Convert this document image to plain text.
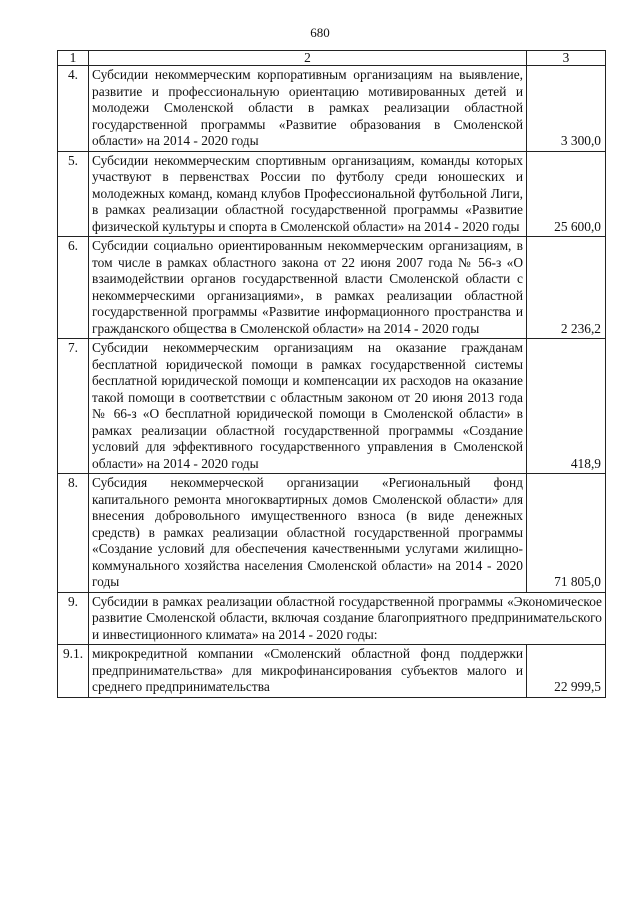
680
1	2	3
4.	Субсидии некоммерческим корпоративным организациям на выявление, развитие и профессиональную ориентацию мотивированных детей и молодежи Смоленской области в рамках реализации областной государственной программы «Развитие образования в Смоленской области» на 2014 - 2020 годы	3 300,0
5.	Субсидии некоммерческим спортивным организациям, команды которых участвуют в первенствах России по футболу среди юношеских и молодежных команд, команд клубов Профессиональной футбольной Лиги, в рамках реализации областной государственной программы «Развитие физической культуры и спорта в Смоленской области» на 2014 - 2020 годы	25 600,0
6.	Субсидии социально ориентированным некоммерческим организациям, в том числе в рамках областного закона от 22 июня 2007 года № 56-з «О взаимодействии органов государственной власти Смоленской области с некоммерческими организациями», в рамках реализации областной государственной программы «Развитие информационного пространства и гражданского общества в Смоленской области» на 2014 - 2020 годы	2 236,2
7.	Субсидии некоммерческим организациям на оказание гражданам бесплатной юридической помощи в рамках государственной системы бесплатной юридической помощи и компенсации их расходов на оказание такой помощи в соответствии с областным законом от 20 июня 2013 года № 66-з «О бесплатной юридической помощи в Смоленской области» в рамках реализации областной государственной программы «Создание условий для эффективного государственного управления в Смоленской области» на 2014 - 2020 годы	418,9
8.	Субсидия некоммерческой организации «Региональный фонд капитального ремонта многоквартирных домов Смоленской области» для внесения добровольного имущественного взноса (в виде денежных средств) в рамках реализации областной государственной программы «Создание условий для обеспечения качественными услугами жилищно-коммунального хозяйства населения Смоленской области» на 2014 - 2020 годы	71 805,0
9.	Субсидии в рамках реализации областной государственной программы «Экономическое развитие Смоленской области, включая создание благоприятного предпринимательского и инвестиционного климата» на 2014 - 2020 годы:	
9.1.	микрокредитной компании «Смоленский областной фонд поддержки предпринимательства» для микрофинансирования субъектов малого и среднего предпринимательства	22 999,5
